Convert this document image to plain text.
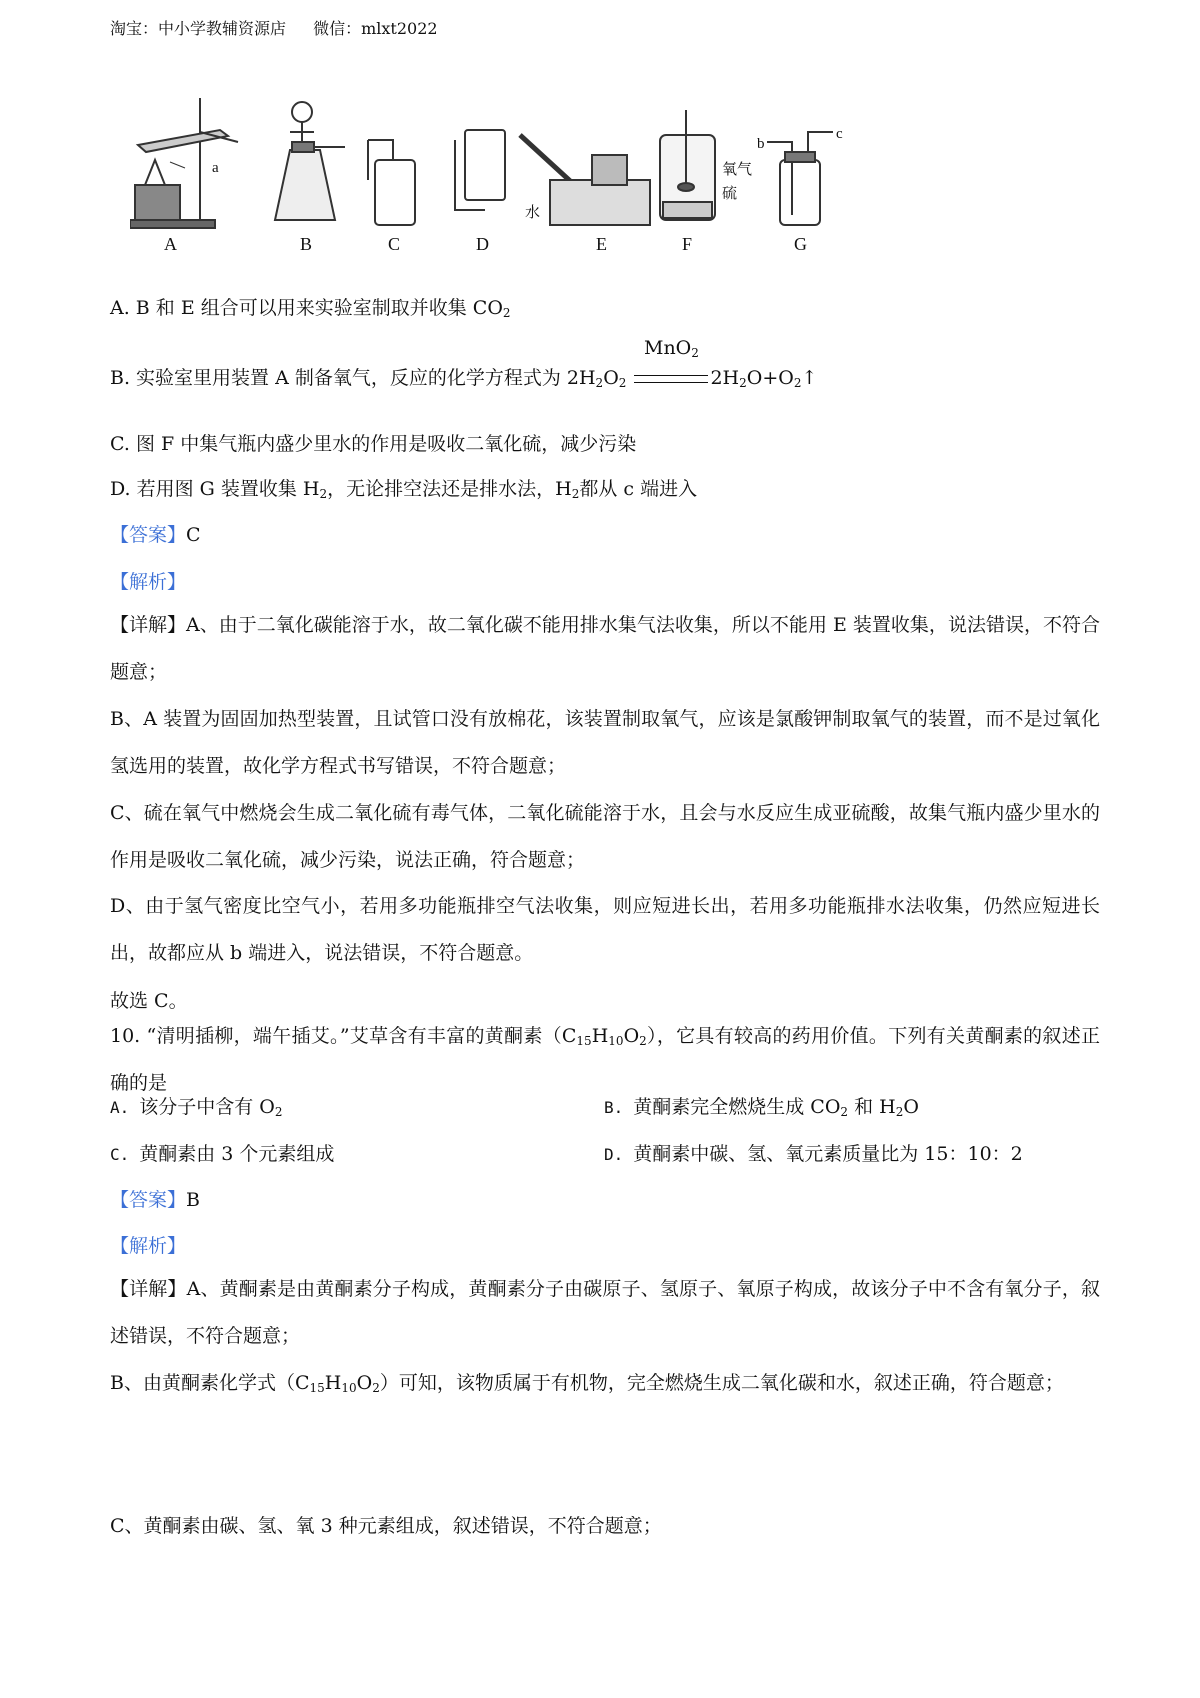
淘宝：中小学教辅资源店 微信：mlxt2022
A	B	C	D	E	F	G
a
水
氧气
硫
b
c
A. B 和 E 组合可以用来实验室制取并收集 $CO_2$
B. 实验室里用装置 A 制备氧气，反应的化学方程式为 $2H_2O_2$
MnO$_2$
$2H_2O+O_2↑$
C. 图 F 中集气瓶内盛少里水的作用是吸收二氧化硫，减少污染
D. 若用图 G 装置收集 $H_2$，无论排空法还是排水法，$H_2$都从 c 端进入
【答案】C
【解析】
【详解】A、由于二氧化碳能溶于水，故二氧化碳不能用排水集气法收集，所以不能用 E 装置收集，说法错误，不符合题意；
B、A 装置为固固加热型装置，且试管口没有放棉花，该装置制取氧气，应该是氯酸钾制取氧气的装置，而不是过氧化氢选用的装置，故化学方程式书写错误，不符合题意；
C、硫在氧气中燃烧会生成二氧化硫有毒气体，二氧化硫能溶于水，且会与水反应生成亚硫酸，故集气瓶内盛少里水的作用是吸收二氧化硫，减少污染，说法正确，符合题意；
D、由于氢气密度比空气小，若用多功能瓶排空气法收集，则应短进长出，若用多功能瓶排水法收集，仍然应短进长出，故都应从 b 端进入，说法错误，不符合题意。
故选 C。
10. “清明插柳，端午插艾。”艾草含有丰富的黄酮素$(C_{15}H_{10}O_2)$，它具有较高的药用价值。下列有关黄酮素的叙述正确的是
A. 该分子中含有 $O_2$	B. 黄酮素完全燃烧生成 $CO_2$ 和 $H_2O$
C. 黄酮素由 3 个元素组成	D. 黄酮素中碳、氢、氧元素质量比为 15：10：2
【答案】B
【解析】
【详解】A、黄酮素是由黄酮素分子构成，黄酮素分子由碳原子、氢原子、氧原子构成，故该分子中不含有氧分子，叙述错误，不符合题意；
B、由黄酮素化学式$(C_{15}H_{10}O_2)$可知，该物质属于有机物，完全燃烧生成二氧化碳和水，叙述正确，符合题意；
C、黄酮素由碳、氢、氧 3 种元素组成，叙述错误，不符合题意；
